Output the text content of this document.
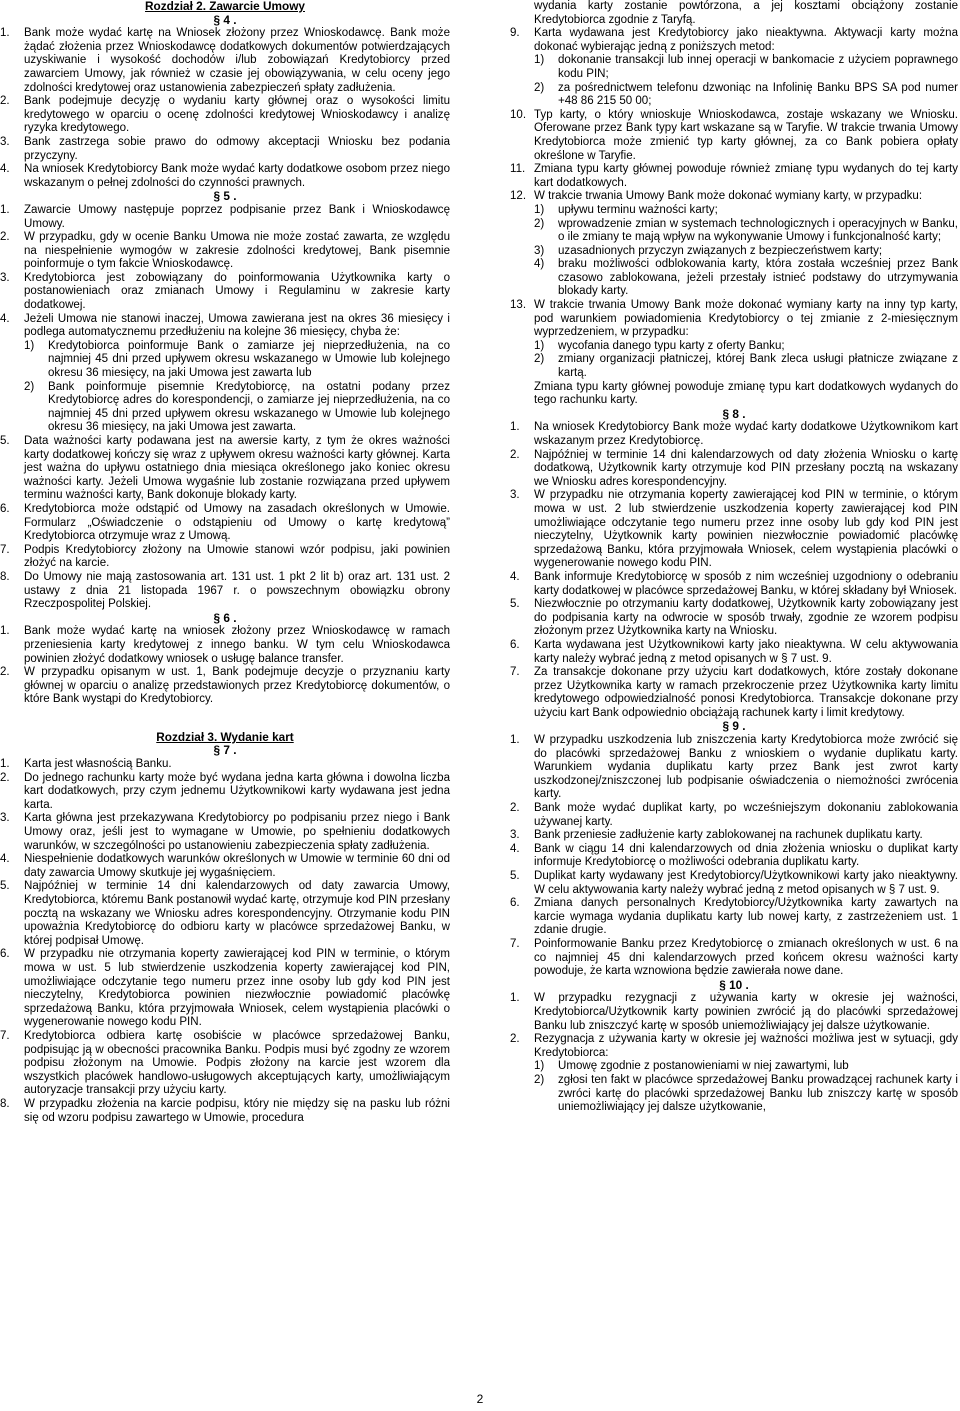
Rozdział 2. Zawarcie Umowy
§ 4 .
1.	Bank może wydać kartę na Wniosek złożony przez Wnioskodawcę. Bank może żądać złożenia przez Wnioskodawcę dodatkowych dokumentów potwierdzających uzyskiwanie i wysokość dochodów i/lub zobowiązań Kredytobiorcy przed zawarciem Umowy, jak również w czasie jej obowiązywania, w celu oceny jego zdolności kredytowej oraz ustanowienia zabezpieczeń spłaty zadłużenia.
2.	Bank podejmuje decyzję o wydaniu karty głównej oraz o wysokości limitu kredytowego w oparciu o ocenę zdolności kredytowej Wnioskodawcy i analizę ryzyka kredytowego.
3.	Bank zastrzega sobie prawo do odmowy akceptacji Wniosku bez podania przyczyny.
4.	Na wniosek Kredytobiorcy Bank może wydać karty dodatkowe osobom przez niego wskazanym o pełnej zdolności do czynności prawnych.
§ 5 .
1.	Zawarcie Umowy następuje poprzez podpisanie przez Bank i Wnioskodawcę Umowy.
2.	W przypadku, gdy w ocenie Banku Umowa nie może zostać zawarta, ze względu na niespełnienie wymogów w zakresie zdolności kredytowej, Bank pisemnie poinformuje o tym fakcie Wnioskodawcę.
3.	Kredytobiorca jest zobowiązany do poinformowania Użytkownika karty o postanowieniach oraz zmianach Umowy i Regulaminu w zakresie karty dodatkowej.
4.	Jeżeli Umowa nie stanowi inaczej, Umowa zawierana jest na okres 36 miesięcy i podlega automatycznemu przedłużeniu na kolejne 36 miesięcy, chyba że:
1)	Kredytobiorca poinformuje Bank o zamiarze jej nieprzedłużenia, na co najmniej 45 dni przed upływem okresu wskazanego w Umowie lub kolejnego okresu 36 miesięcy, na jaki Umowa jest zawarta lub
2)	Bank poinformuje pisemnie Kredytobiorcę, na ostatni podany przez Kredytobiorcę adres do korespondencji, o zamiarze jej nieprzedłużenia, na co najmniej 45 dni przed upływem okresu wskazanego w Umowie lub kolejnego okresu 36 miesięcy, na jaki Umowa jest zawarta.
5.	Data ważności karty podawana jest na awersie karty, z tym że okres ważności karty dodatkowej kończy się wraz z upływem okresu ważności karty głównej. Karta jest ważna do upływu ostatniego dnia miesiąca określonego jako koniec okresu ważności karty. Jeżeli Umowa wygaśnie lub zostanie rozwiązana przed upływem terminu ważności karty, Bank dokonuje blokady karty.
6.	Kredytobiorca może odstąpić od Umowy na zasadach określonych w Umowie. Formularz „Oświadczenie o odstąpieniu od Umowy o kartę kredytową” Kredytobiorca otrzymuje wraz z Umową.
7.	Podpis Kredytobiorcy złożony na Umowie stanowi wzór podpisu, jaki powinien złożyć na karcie.
8.	Do Umowy nie mają zastosowania art. 131 ust. 1 pkt 2 lit b) oraz art. 131 ust. 2 ustawy z dnia 21 listopada 1967 r. o powszechnym obowiązku obrony Rzeczpospolitej Polskiej.
§ 6 .
1.	Bank może wydać kartę na wniosek złożony przez Wnioskodawcę w ramach przeniesienia karty kredytowej z innego banku. W tym celu Wnioskodawca powinien złożyć dodatkowy wniosek o usługę balance transfer.
2.	W przypadku opisanym w ust. 1, Bank podejmuje decyzje o przyznaniu karty głównej w oparciu o analizę przedstawionych przez Kredytobiorcę dokumentów, o które Bank wystąpi do Kredytobiorcy.
Rozdział 3. Wydanie kart
§ 7 .
1.	Karta jest własnością Banku.
2.	Do jednego rachunku karty może być wydana jedna karta główna i dowolna liczba kart dodatkowych, przy czym jednemu Użytkownikowi karty wydawana jest jedna karta.
3.	Karta główna jest przekazywana Kredytobiorcy po podpisaniu przez niego i Bank Umowy oraz, jeśli jest to wymagane w Umowie, po spełnieniu dodatkowych warunków, w szczególności po ustanowieniu zabezpieczenia spłaty zadłużenia.
4.	Niespełnienie dodatkowych warunków określonych w Umowie w terminie 60 dni od daty zawarcia Umowy skutkuje jej wygaśnięciem.
5.	Najpóźniej w terminie 14 dni kalendarzowych od daty zawarcia Umowy, Kredytobiorca, któremu Bank postanowił wydać kartę, otrzymuje kod PIN przesłany pocztą na wskazany we Wniosku adres korespondencyjny. Otrzymanie kodu PIN upoważnia Kredytobiorcę do odbioru karty w placówce sprzedażowej Banku, w której podpisał Umowę.
6.	W przypadku nie otrzymania koperty zawierającej kod PIN w terminie, o którym mowa w ust. 5 lub stwierdzenie uszkodzenia koperty zawierającej kod PIN, umożliwiające odczytanie tego numeru przez inne osoby lub gdy kod PIN jest nieczytelny, Kredytobiorca powinien niezwłocznie powiadomić placówkę sprzedażową Banku, która przyjmowała Wniosek, celem wystąpienia placówki o wygenerowanie nowego kodu PIN.
7.	Kredytobiorca odbiera kartę osobiście w placówce sprzedażowej Banku, podpisując ją w obecności pracownika Banku. Podpis musi być zgodny ze wzorem podpisu złożonym na Umowie. Podpis złożony na karcie jest wzorem dla wszystkich placówek handlowo-usługowych akceptujących karty, umożliwiającym autoryzacje transakcji przy użyciu karty.
8.	W przypadku złożenia na karcie podpisu, który nie między się na pasku lub różni się od wzoru podpisu zawartego w Umowie, procedura
wydania karty zostanie powtórzona, a jej kosztami obciążony zostanie Kredytobiorca zgodnie z Taryfą.
9.	Karta wydawana jest Kredytobiorcy jako nieaktywna. Aktywacji karty można dokonać wybierając jedną z poniższych metod:
1)	dokonanie transakcji lub innej operacji w bankomacie z użyciem poprawnego kodu PIN;
2)	za pośrednictwem telefonu dzwoniąc na Infolinię Banku BPS SA pod numer +48 86 215 50 00;
10. Typ karty, o który wnioskuje Wnioskodawca, zostaje wskazany we Wniosku. Oferowane przez Bank typy kart wskazane są w Taryfie. W trakcie trwania Umowy Kredytobiorca może zmienić typ karty głównej, za co Bank pobiera opłaty określone w Taryfie.
11. Zmiana typu karty głównej powoduje również zmianę typu wydanych do tej karty kart dodatkowych.
12. W trakcie trwania Umowy Bank może dokonać wymiany karty, w przypadku:
1)	upływu terminu ważności karty;
2)	wprowadzenie zmian w systemach technologicznych i operacyjnych w Banku, o ile zmiany te mają wpływ na wykonywanie Umowy i funkcjonalność karty;
3)	uzasadnionych przyczyn związanych z bezpieczeństwem karty;
4)	braku możliwości odblokowania karty, która została wcześniej przez Bank czasowo zablokowana, jeżeli przestały istnieć podstawy do utrzymywania blokady karty.
13. W trakcie trwania Umowy Bank może dokonać wymiany karty na inny typ karty, pod warunkiem powiadomienia Kredytobiorcy o tej zmianie z 2-miesięcznym wyprzedzeniem, w przypadku:
1)	wycofania danego typu karty z oferty Banku;
2)	zmiany organizacji płatniczej, której Bank zleca usługi płatnicze związane z kartą.
Zmiana typu karty głównej powoduje zmianę typu kart dodatkowych wydanych do tego rachunku karty.
§ 8 .
1.	Na wniosek Kredytobiorcy Bank może wydać karty dodatkowe Użytkownikom kart wskazanym przez Kredytobiorcę.
2.	Najpóźniej w terminie 14 dni kalendarzowych od daty złożenia Wniosku o kartę dodatkową, Użytkownik karty otrzymuje kod PIN przesłany pocztą na wskazany we Wniosku adres korespondencyjny.
3.	W przypadku nie otrzymania koperty zawierającej kod PIN w terminie, o którym mowa w ust. 2 lub stwierdzenie uszkodzenia koperty zawierającej kod PIN umożliwiające odczytanie tego numeru przez inne osoby lub gdy kod PIN jest nieczytelny, Użytkownik karty powinien niezwłocznie powiadomić placówkę sprzedażową Banku, która przyjmowała Wniosek, celem wystąpienia placówki o wygenerowanie nowego kodu PIN.
4.	Bank informuje Kredytobiorcę w sposób z nim wcześniej uzgodniony o odebraniu karty dodatkowej w placówce sprzedażowej Banku, w której składany był Wniosek.
5.	Niezwłocznie po otrzymaniu karty dodatkowej, Użytkownik karty zobowiązany jest do podpisania karty na odwrocie w sposób trwały, zgodnie ze wzorem podpisu złożonym przez Użytkownika karty na Wniosku.
6.	Karta wydawana jest Użytkownikowi karty jako nieaktywna. W celu aktywowania karty należy wybrać jedną z metod opisanych w § 7 ust. 9.
7.	Za transakcje dokonane przy użyciu kart dodatkowych, które zostały dokonane przez Użytkownika karty w ramach przekroczenie przez Użytkownika karty limitu kredytowego odpowiedzialność ponosi Kredytobiorca. Transakcje dokonane przy użyciu kart Bank odpowiednio obciążają rachunek karty i limit kredytowy.
§ 9 .
1.	W przypadku uszkodzenia lub zniszczenia karty Kredytobiorca może zwrócić się do placówki sprzedażowej Banku z wnioskiem o wydanie duplikatu karty. Warunkiem wydania duplikatu karty przez Bank jest zwrot karty uszkodzonej/zniszczonej lub podpisanie oświadczenia o niemożności zwrócenia karty.
2.	Bank może wydać duplikat karty, po wcześniejszym dokonaniu zablokowania używanej karty.
3.	Bank przeniesie zadłużenie karty zablokowanej na rachunek duplikatu karty.
4.	Bank w ciągu 14 dni kalendarzowych od dnia złożenia wniosku o duplikat karty informuje Kredytobiorcę o możliwości odebrania duplikatu karty.
5.	Duplikat karty wydawany jest Kredytobiorcy/Użytkownikowi karty jako nieaktywny. W celu aktywowania karty należy wybrać jedną z metod opisanych w § 7 ust. 9.
6.	Zmiana danych personalnych Kredytobiorcy/Użytkownika karty zawartych na karcie wymaga wydania duplikatu karty lub nowej karty, z zastrzeżeniem ust. 1 zdanie drugie.
7.	Poinformowanie Banku przez Kredytobiorcę o zmianach określonych w ust. 6 na co najmniej 45 dni kalendarzowych przed końcem okresu ważności karty powoduje, że karta wznowiona będzie zawierała nowe dane.
§ 10 .
1.	W przypadku rezygnacji z używania karty w okresie jej ważności, Kredytobiorca/Użytkownik karty powinien zwrócić ją do placówki sprzedażowej Banku lub zniszczyć kartę w sposób uniemożliwiający jej dalsze użytkowanie.
2.	Rezygnacja z używania karty w okresie jej ważności możliwa jest w sytuacji, gdy Kredytobiorca:
1)	Umowę zgodnie z postanowieniami w niej zawartymi, lub
2)	zgłosi ten fakt w placówce sprzedażowej Banku prowadzącej rachunek karty i zwróci kartę do placówki sprzedażowej Banku lub zniszczy kartę w sposób uniemożliwiający jej dalsze użytkowanie,
2
